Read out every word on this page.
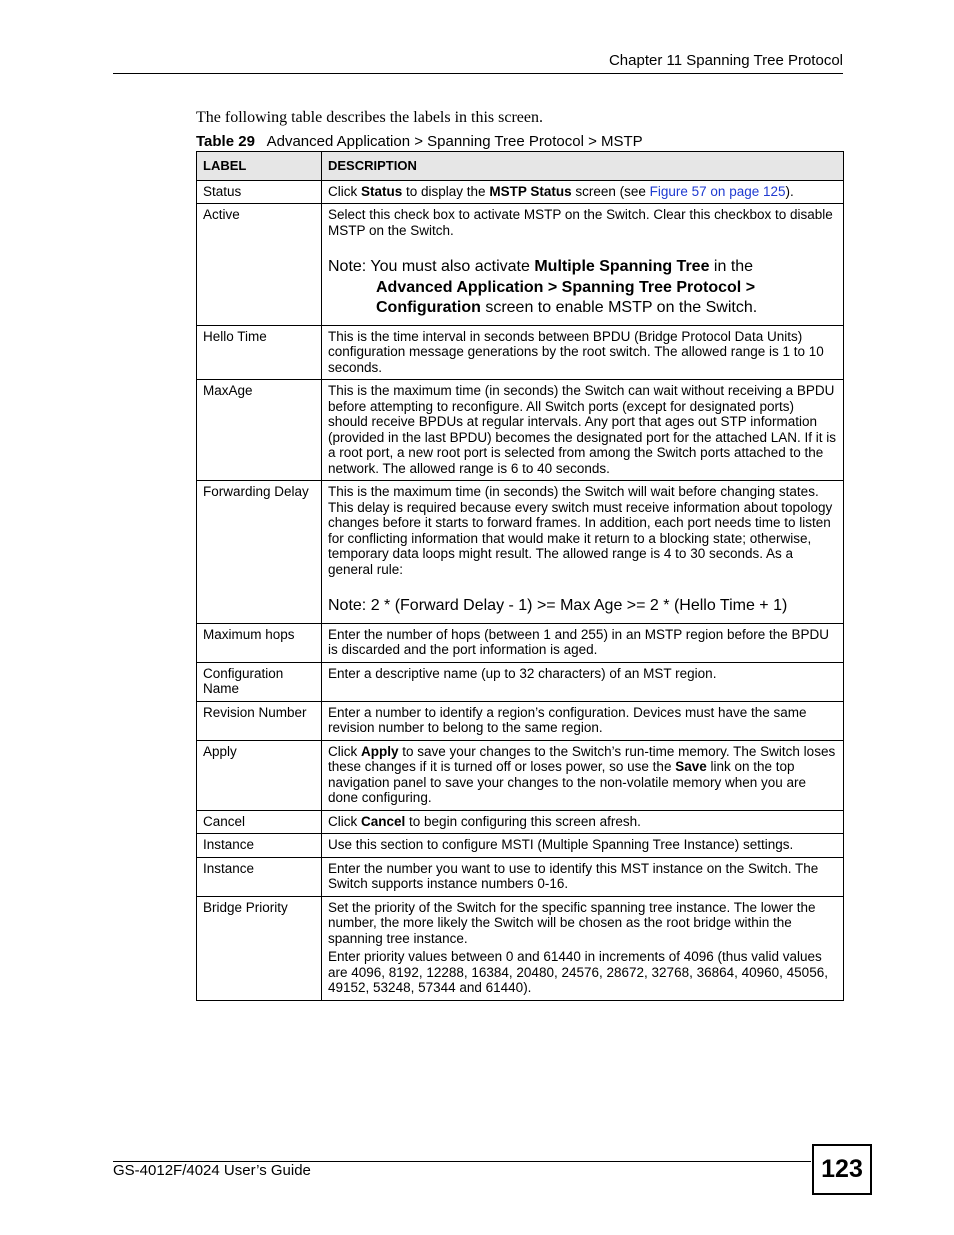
Chapter 11 Spanning Tree Protocol
The following table describes the labels in this screen.
Table 29 Advanced Application > Spanning Tree Protocol > MSTP
LABEL	DESCRIPTION
Status	Click Status to display the MSTP Status screen (see Figure 57 on page 125).
Active	Select this check box to activate MSTP on the Switch. Clear this checkbox to disable MSTP on the Switch.
Note: You must also activate Multiple Spanning Tree in the
Advanced Application > Spanning Tree Protocol > Configuration screen to enable MSTP on the Switch.

Hello Time	This is the time interval in seconds between BPDU (Bridge Protocol Data Units) configuration message generations by the root switch. The allowed range is 1 to 10 seconds.
MaxAge	This is the maximum time (in seconds) the Switch can wait without receiving a BPDU before attempting to reconfigure. All Switch ports (except for designated ports) should receive BPDUs at regular intervals. Any port that ages out STP information (provided in the last BPDU) becomes the designated port for the attached LAN. If it is a root port, a new root port is selected from among the Switch ports attached to the network. The allowed range is 6 to 40 seconds.
Forwarding Delay	This is the maximum time (in seconds) the Switch will wait before changing states. This delay is required because every switch must receive information about topology changes before it starts to forward frames. In addition, each port needs time to listen for conflicting information that would make it return to a blocking state; otherwise, temporary data loops might result. The allowed range is 4 to 30 seconds. As a general rule:
Note: 2 * (Forward Delay - 1) >= Max Age >= 2 * (Hello Time + 1)

Maximum hops	Enter the number of hops (between 1 and 255) in an MSTP region before the BPDU is discarded and the port information is aged.
Configuration Name	Enter a descriptive name (up to 32 characters) of an MST region.
Revision Number	Enter a number to identify a region’s configuration. Devices must have the same revision number to belong to the same region.
Apply	Click Apply to save your changes to the Switch’s run-time memory. The Switch loses these changes if it is turned off or loses power, so use the Save link on the top navigation panel to save your changes to the non-volatile memory when you are done configuring.
Cancel	Click Cancel to begin configuring this screen afresh.
Instance	Use this section to configure MSTI (Multiple Spanning Tree Instance) settings.
Instance	Enter the number you want to use to identify this MST instance on the Switch. The Switch supports instance numbers 0-16.
Bridge Priority	Set the priority of the Switch for the specific spanning tree instance. The lower the number, the more likely the Switch will be chosen as the root bridge within the spanning tree instance.
Enter priority values between 0 and 61440 in increments of 4096 (thus valid values are 4096, 8192, 12288, 16384, 20480, 24576, 28672, 32768, 36864, 40960, 45056, 49152, 53248, 57344 and 61440).
GS-4012F/4024 User’s Guide	123
